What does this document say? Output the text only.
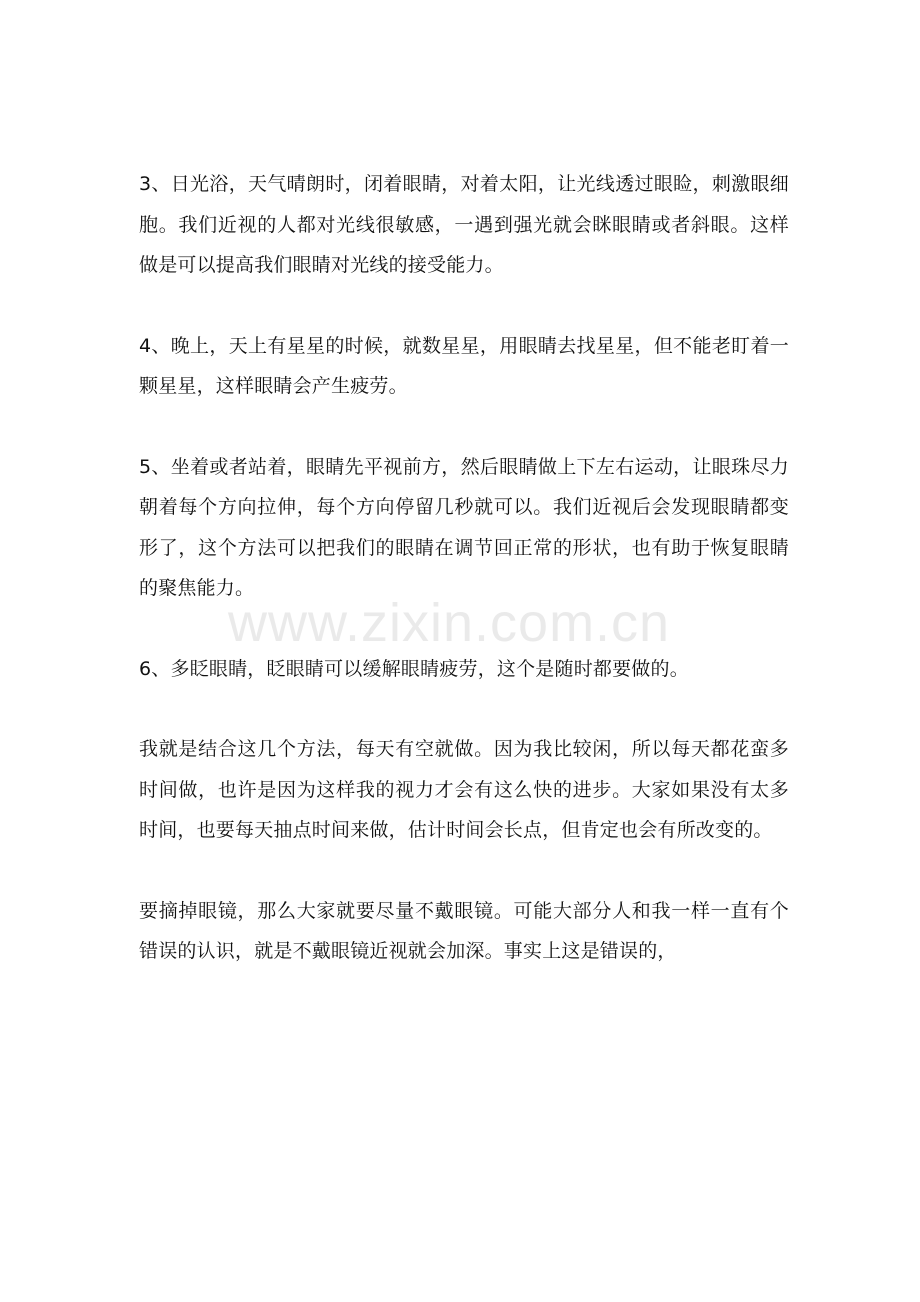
3、日光浴，天气晴朗时，闭着眼睛，对着太阳，让光线透过眼睑，刺激眼细胞。我们近视的人都对光线很敏感，一遇到强光就会眯眼睛或者斜眼。这样做是可以提高我们眼睛对光线的接受能力。

4、晚上，天上有星星的时候，就数星星，用眼睛去找星星，但不能老盯着一颗星星，这样眼睛会产生疲劳。

5、坐着或者站着，眼睛先平视前方，然后眼睛做上下左右运动，让眼珠尽力朝着每个方向拉伸，每个方向停留几秒就可以。我们近视后会发现眼睛都变形了，这个方法可以把我们的眼睛在调节回正常的形状，也有助于恢复眼睛的聚焦能力。

6、多眨眼睛，眨眼睛可以缓解眼睛疲劳，这个是随时都要做的。

我就是结合这几个方法，每天有空就做。因为我比较闲，所以每天都花蛮多时间做，也许是因为这样我的视力才会有这么快的进步。大家如果没有太多时间，也要每天抽点时间来做，估计时间会长点，但肯定也会有所改变的。

要摘掉眼镜，那么大家就要尽量不戴眼镜。可能大部分人和我一样一直有个错误的认识，就是不戴眼镜近视就会加深。事实上这是错误的，

www.zixin.com.cn
